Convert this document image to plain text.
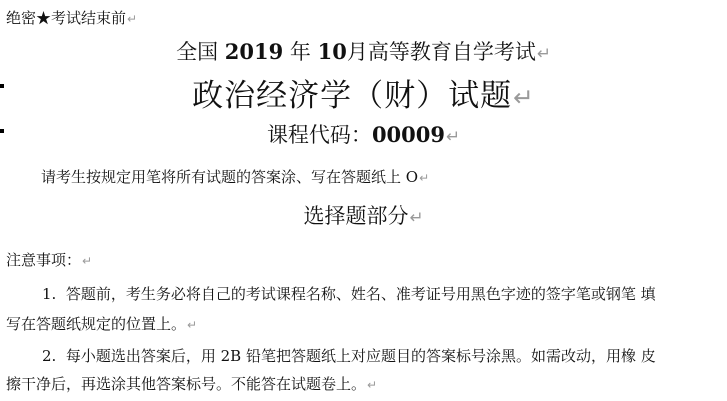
绝密★考试结束前↵
全国 2019 年 10月高等教育自学考试↵
政治经济学（财）试题↵
课程代码：00009↵
请考生按规定用笔将所有试题的答案涂、写在答题纸上 O↵
选择题部分↵
注意事项：↵
1. 答题前，考生务必将自己的考试课程名称、姓名、准考证号用黑色字迹的签字笔或钢笔 填
写在答题纸规定的位置上。↵
2. 每小题选出答案后，用 2B 铅笔把答题纸上对应题目的答案标号涂黑。如需改动，用橡 皮
擦干净后，再选涂其他答案标号。不能答在试题卷上。↵
